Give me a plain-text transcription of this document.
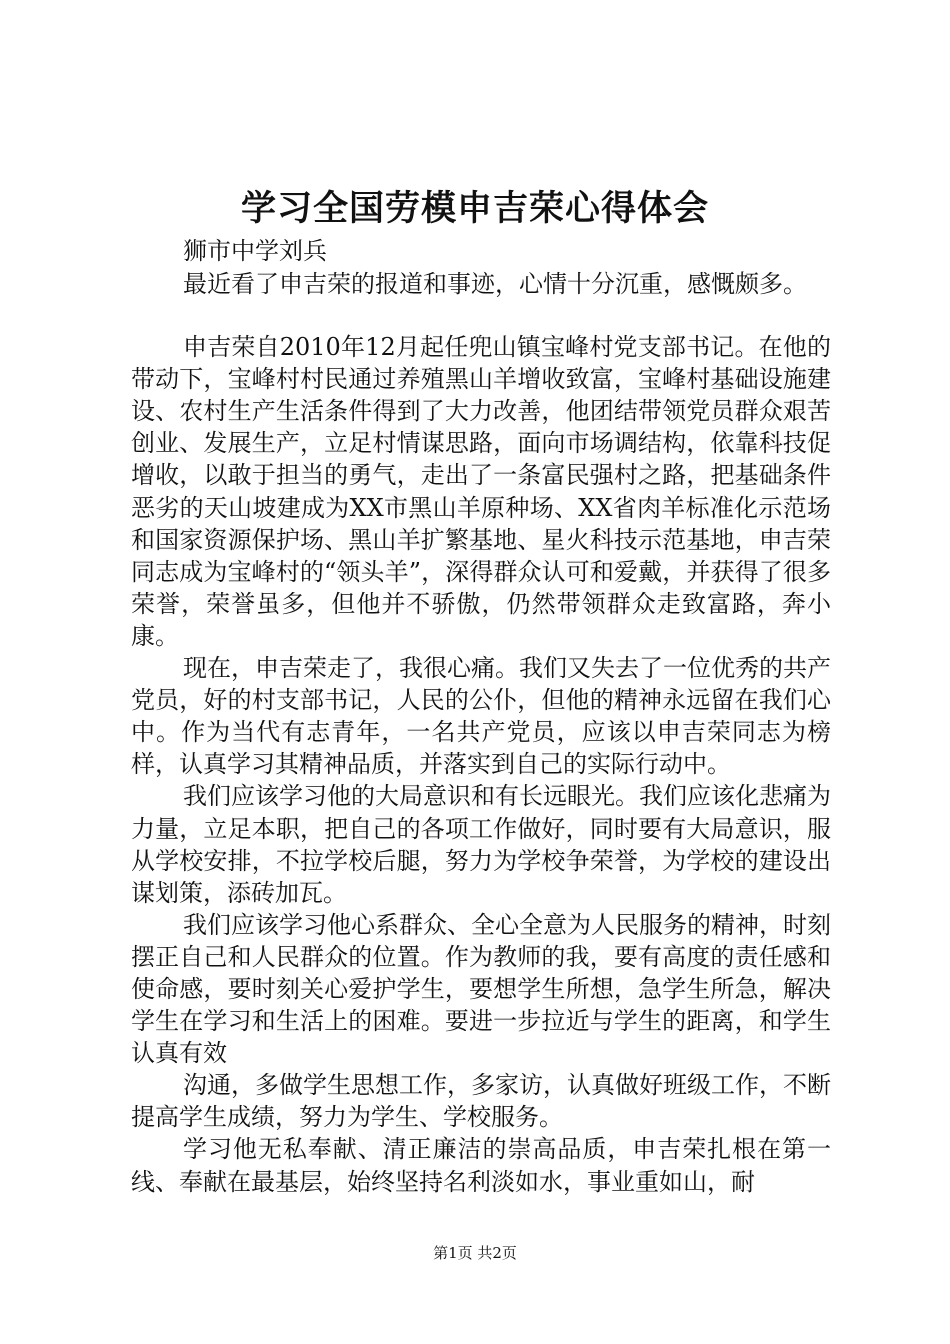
学习全国劳模申吉荣心得体会
狮市中学刘兵

最近看了申吉荣的报道和事迹，心情十分沉重，感慨颇多。

申吉荣自2010年12月起任兜山镇宝峰村党支部书记。在他的带动下，宝峰村村民通过养殖黑山羊增收致富，宝峰村基础设施建设、农村生产生活条件得到了大力改善，他团结带领党员群众艰苦创业、发展生产，立足村情谋思路，面向市场调结构，依靠科技促增收，以敢于担当的勇气，走出了一条富民强村之路，把基础条件恶劣的天山坡建成为XX市黑山羊原种场、XX省肉羊标准化示范场和国家资源保护场、黑山羊扩繁基地、星火科技示范基地，申吉荣同志成为宝峰村的“领头羊”，深得群众认可和爱戴，并获得了很多荣誉，荣誉虽多，但他并不骄傲，仍然带领群众走致富路，奔小康。

现在，申吉荣走了，我很心痛。我们又失去了一位优秀的共产党员，好的村支部书记，人民的公仆，但他的精神永远留在我们心中。作为当代有志青年，一名共产党员，应该以申吉荣同志为榜样，认真学习其精神品质，并落实到自己的实际行动中。

我们应该学习他的大局意识和有长远眼光。我们应该化悲痛为力量，立足本职，把自己的各项工作做好，同时要有大局意识，服从学校安排，不拉学校后腿，努力为学校争荣誉，为学校的建设出谋划策，添砖加瓦。

我们应该学习他心系群众、全心全意为人民服务的精神，时刻摆正自己和人民群众的位置。作为教师的我，要有高度的责任感和使命感，要时刻关心爱护学生，要想学生所想，急学生所急，解决学生在学习和生活上的困难。要进一步拉近与学生的距离，和学生认真有效

沟通，多做学生思想工作，多家访，认真做好班级工作，不断提高学生成绩，努力为学生、学校服务。

学习他无私奉献、清正廉洁的崇高品质，申吉荣扎根在第一线、奉献在最基层，始终坚持名利淡如水，事业重如山，耐

第1页 共2页
